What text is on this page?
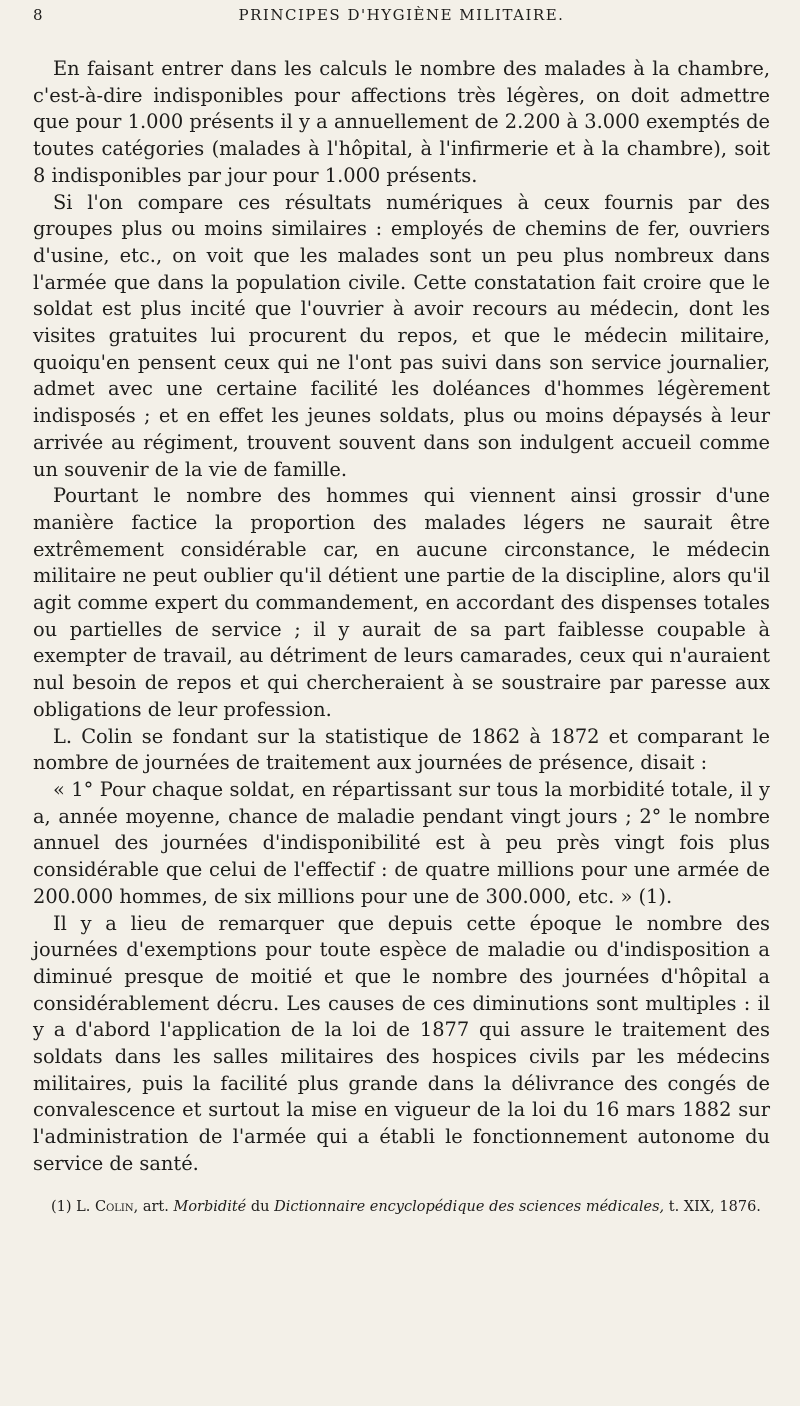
8	PRINCIPES D'HYGIÈNE MILITAIRE.

En faisant entrer dans les calculs le nombre des malades à la chambre, c'est-à-dire indisponibles pour affections très légères, on doit admettre que pour 1.000 présents il y a annuellement de 2.200 à 3.000 exemptés de toutes catégories (malades à l'hôpital, à l'infirmerie et à la chambre), soit 8 indisponibles par jour pour 1.000 présents.

Si l'on compare ces résultats numériques à ceux fournis par des groupes plus ou moins similaires : employés de chemins de fer, ouvriers d'usine, etc., on voit que les malades sont un peu plus nombreux dans l'armée que dans la population civile. Cette constatation fait croire que le soldat est plus incité que l'ouvrier à avoir recours au médecin, dont les visites gratuites lui procurent du repos, et que le médecin militaire, quoiqu'en pensent ceux qui ne l'ont pas suivi dans son service journalier, admet avec une certaine facilité les doléances d'hommes légèrement indisposés ; et en effet les jeunes soldats, plus ou moins dépaysés à leur arrivée au régiment, trouvent souvent dans son indulgent accueil comme un souvenir de la vie de famille.

Pourtant le nombre des hommes qui viennent ainsi grossir d'une manière factice la proportion des malades légers ne saurait être extrêmement considérable car, en aucune circonstance, le médecin militaire ne peut oublier qu'il détient une partie de la discipline, alors qu'il agit comme expert du commandement, en accordant des dispenses totales ou partielles de service ; il y aurait de sa part faiblesse coupable à exempter de travail, au détriment de leurs camarades, ceux qui n'auraient nul besoin de repos et qui chercheraient à se soustraire par paresse aux obligations de leur profession.

L. Colin se fondant sur la statistique de 1862 à 1872 et comparant le nombre de journées de traitement aux journées de présence, disait :

« 1° Pour chaque soldat, en répartissant sur tous la morbidité totale, il y a, année moyenne, chance de maladie pendant vingt jours ; 2° le nombre annuel des journées d'indisponibilité est à peu près vingt fois plus considérable que celui de l'effectif : de quatre millions pour une armée de 200.000 hommes, de six millions pour une de 300.000, etc. » (1).

Il y a lieu de remarquer que depuis cette époque le nombre des journées d'exemptions pour toute espèce de maladie ou d'indisposition a diminué presque de moitié et que le nombre des journées d'hôpital a considérablement décru. Les causes de ces diminutions sont multiples : il y a d'abord l'application de la loi de 1877 qui assure le traitement des soldats dans les salles militaires des hospices civils par les médecins militaires, puis la facilité plus grande dans la délivrance des congés de convalescence et surtout la mise en vigueur de la loi du 16 mars 1882 sur l'administration de l'armée qui a établi le fonctionnement autonome du service de santé.

(1) L. Colin, art. Morbidité du Dictionnaire encyclopédique des sciences médicales, t. XIX, 1876.
